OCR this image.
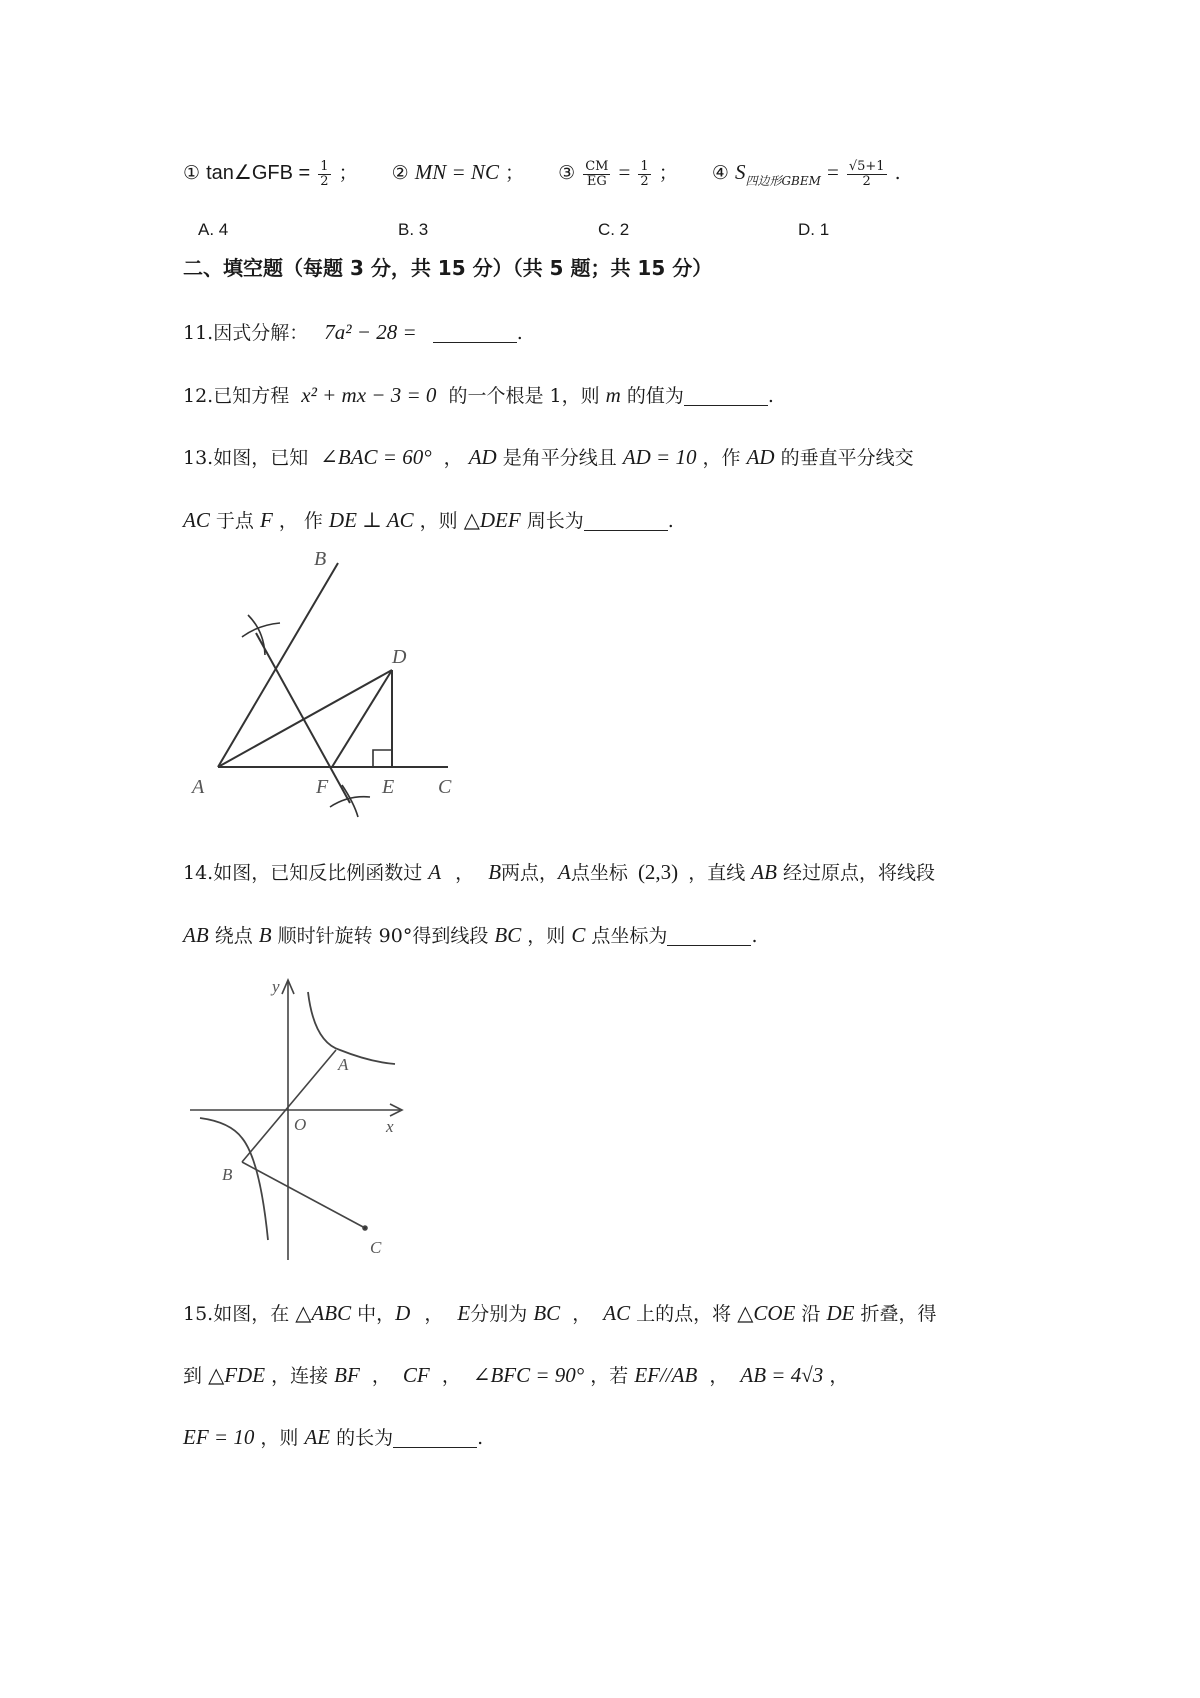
① tan∠GFB = $\frac{1}{2}$ ； ② MN = NC ； ③ $\frac{CM}{EG} = \frac{1}{2}$ ； ④ $S_{四边形GBEM} = \frac{√5+1}{2}$ .
A. 4	B. 3	C. 2	D. 1
二、填空题（每题 3 分，共 15 分）（共 5 题；共 15 分）
11.因式分解： 7a² − 28 =	.
12.已知方程 x² + mx − 3 = 0 的一个根是 1，则 m 的值为	.
13.如图，已知 ∠BAC = 60° ， AD 是角平分线且 AD = 10 ，作 AD 的垂直平分线交
AC 于点 F ， 作 DE ⊥ AC ，则 △DEF 周长为	.
B
D
A	F	E C
14.如图，已知反比例函数过 A ， B两点，A点坐标 (2,3) ，直线 AB 经过原点，将线段
AB 绕点 B 顺时针旋转 90°得到线段 BC ，则 C 点坐标为	.
y
A
O	x
B
C
15.如图，在 △ABC 中，D ， E分别为 BC ， AC 上的点，将 △COE 沿 DE 折叠，得
到 △FDE ，连接 BF ， CF ， ∠BFC = 90° ，若 EF//AB ， AB = 4√3 ，
EF = 10 ，则 AE 的长为	.
